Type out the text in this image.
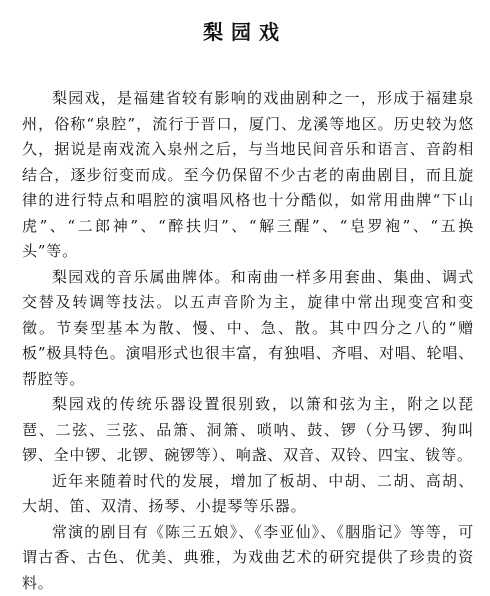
梨园戏

梨园戏，是福建省较有影响的戏曲剧种之一，形成于福建泉州，俗称“泉腔”，流行于晋口，厦门、龙溪等地区。历史较为悠久，据说是南戏流入泉州之后，与当地民间音乐和语言、音韵相结合，逐步衍变而成。至今仍保留不少古老的南曲剧目，而且旋律的进行特点和唱腔的演唱风格也十分酷似，如常用曲牌“下山虎”、“二郎神”、“醉扶归”、“解三醒”、“皂罗袍”、“五换头”等。

梨园戏的音乐属曲牌体。和南曲一样多用套曲、集曲、调式交替及转调等技法。以五声音阶为主，旋律中常出现变宫和变徵。节奏型基本为散、慢、中、急、散。其中四分之八的“赠板”极具特色。演唱形式也很丰富，有独唱、齐唱、对唱、轮唱、帮腔等。

梨园戏的传统乐器设置很别致，以箫和弦为主，附之以琵琶、二弦、三弦、品箫、洞箫、唢呐、鼓、锣（分马锣、狗叫锣、全中锣、北锣、碗锣等）、响盏、双音、双铃、四宝、钹等。

近年来随着时代的发展，增加了板胡、中胡、二胡、高胡、大胡、笛、双清、扬琴、小提琴等乐器。

常演的剧目有《陈三五娘》、《李亚仙》、《胭脂记》等等，可谓古香、古色、优美、典雅，为戏曲艺术的研究提供了珍贵的资料。
